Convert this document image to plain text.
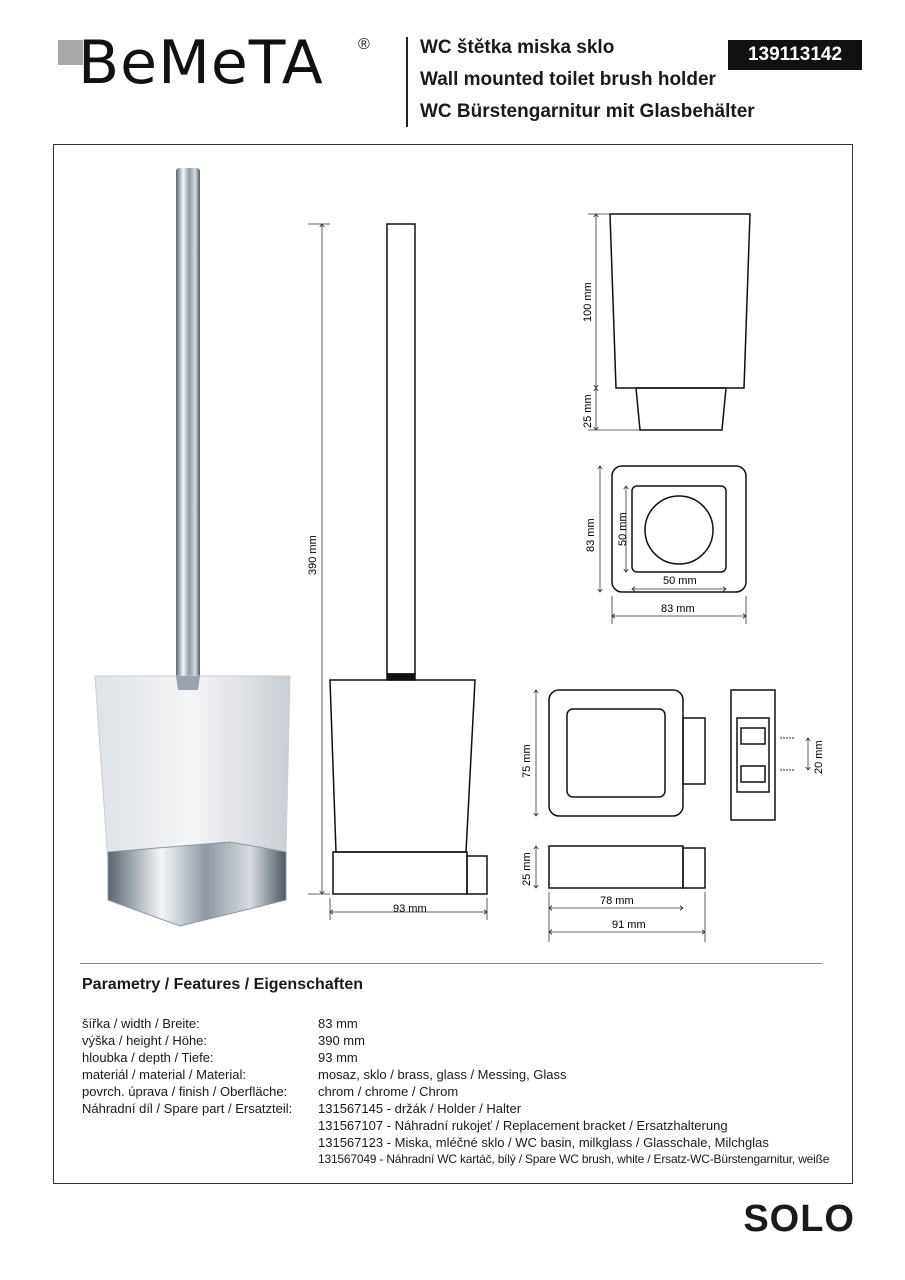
BeMeTA ®	WC štětka miska sklo
Wall mounted toilet brush holder
WC Bürstengarnitur mit Glasbehälter
139113142
390 mm
93 mm
100 mm
25 mm
83 mm 50 mm
50 mm
83 mm
75 mm
25 mm
78 mm
91 mm
20 mm
Parametry / Features / Eigenschaften
šířka / width / Breite:	83 mm
výška / height / Höhe:	390 mm
hloubka / depth / Tiefe:	93 mm
materiál / material / Material:	mosaz, sklo / brass, glass / Messing, Glass
povrch. úprava / finish / Oberfläche: chrom / chrome / Chrom
Náhradní díl / Spare part / Ersatzteil: 131567145 - držák / Holder / Halter
131567107 - Náhradní rukojeť / Replacement bracket / Ersatzhalterung
131567123 - Miska, mléčné sklo / WC basin, milkglass / Glasschale, Milchglas
131567049 - Náhradní WC kartáč, bílý / Spare WC brush, white / Ersatz-WC-Bürstengarnitur, weiße
SOLO
